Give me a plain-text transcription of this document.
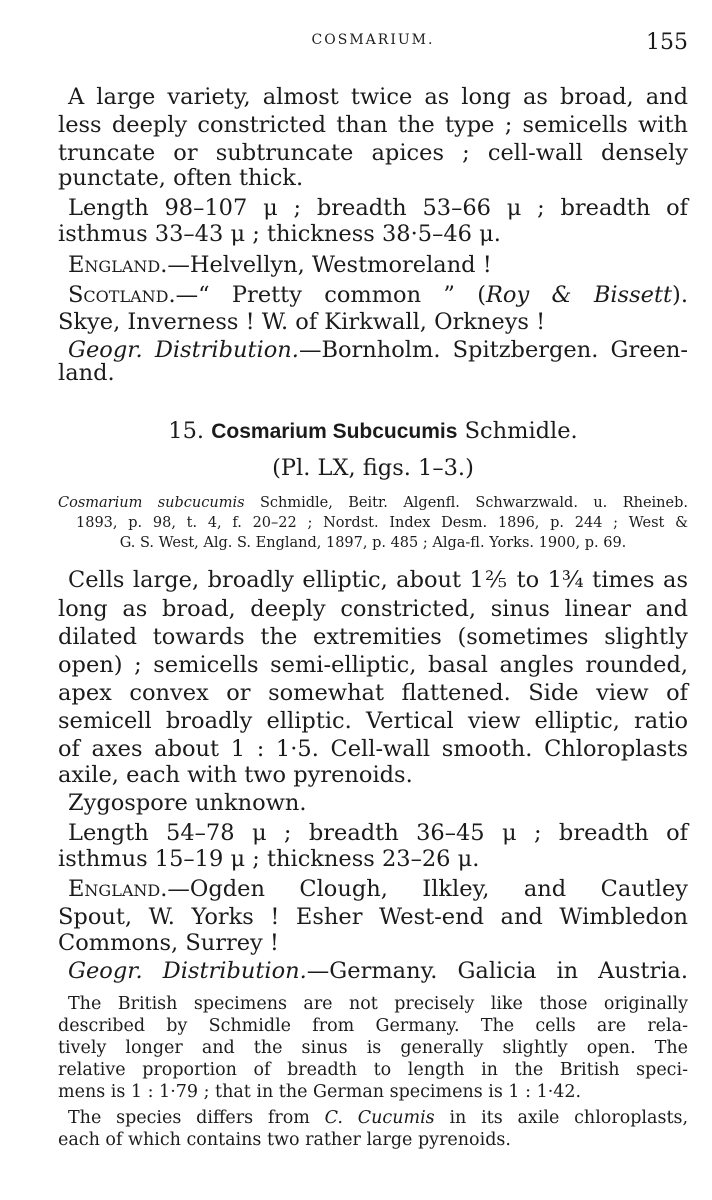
COSMARIUM.	155
A large variety, almost twice as long as broad, and
less deeply constricted than the type ; semicells with
truncate or subtruncate apices ; cell-wall densely
punctate, often thick.
Length 98–107 μ ; breadth 53–66 μ ; breadth of
isthmus 33–43 μ ; thickness 38·5–46 μ.
England.—Helvellyn, Westmoreland !
Scotland.—“ Pretty common ” (Roy & Bissett).
Skye, Inverness ! W. of Kirkwall, Orkneys !
Geogr. Distribution.—Bornholm. Spitzbergen. Green-
land.
15. Cosmarium Subcucumis Schmidle.
(Pl. LX, figs. 1–3.)
Cosmarium subcucumis Schmidle, Beitr. Algenfl. Schwarzwald. u. Rheineb.
1893, p. 98, t. 4, f. 20–22 ; Nordst. Index Desm. 1896, p. 244 ; West &
G. S. West, Alg. S. England, 1897, p. 485 ; Alga-fl. Yorks. 1900, p. 69.
Cells large, broadly elliptic, about 1⅖ to 1¾ times as
long as broad, deeply constricted, sinus linear and
dilated towards the extremities (sometimes slightly
open) ; semicells semi-elliptic, basal angles rounded,
apex convex or somewhat flattened. Side view of
semicell broadly elliptic. Vertical view elliptic, ratio
of axes about 1 : 1·5. Cell-wall smooth. Chloroplasts
axile, each with two pyrenoids.
Zygospore unknown.
Length 54–78 μ ; breadth 36–45 μ ; breadth of
isthmus 15–19 μ ; thickness 23–26 μ.
England.—Ogden Clough, Ilkley, and Cautley
Spout, W. Yorks ! Esher West-end and Wimbledon
Commons, Surrey !
Geogr. Distribution.—Germany. Galicia in Austria.
The British specimens are not precisely like those originally
described by Schmidle from Germany. The cells are rela-
tively longer and the sinus is generally slightly open. The
relative proportion of breadth to length in the British speci-
mens is 1 : 1·79 ; that in the German specimens is 1 : 1·42.
The species differs from C. Cucumis in its axile chloroplasts,
each of which contains two rather large pyrenoids.
